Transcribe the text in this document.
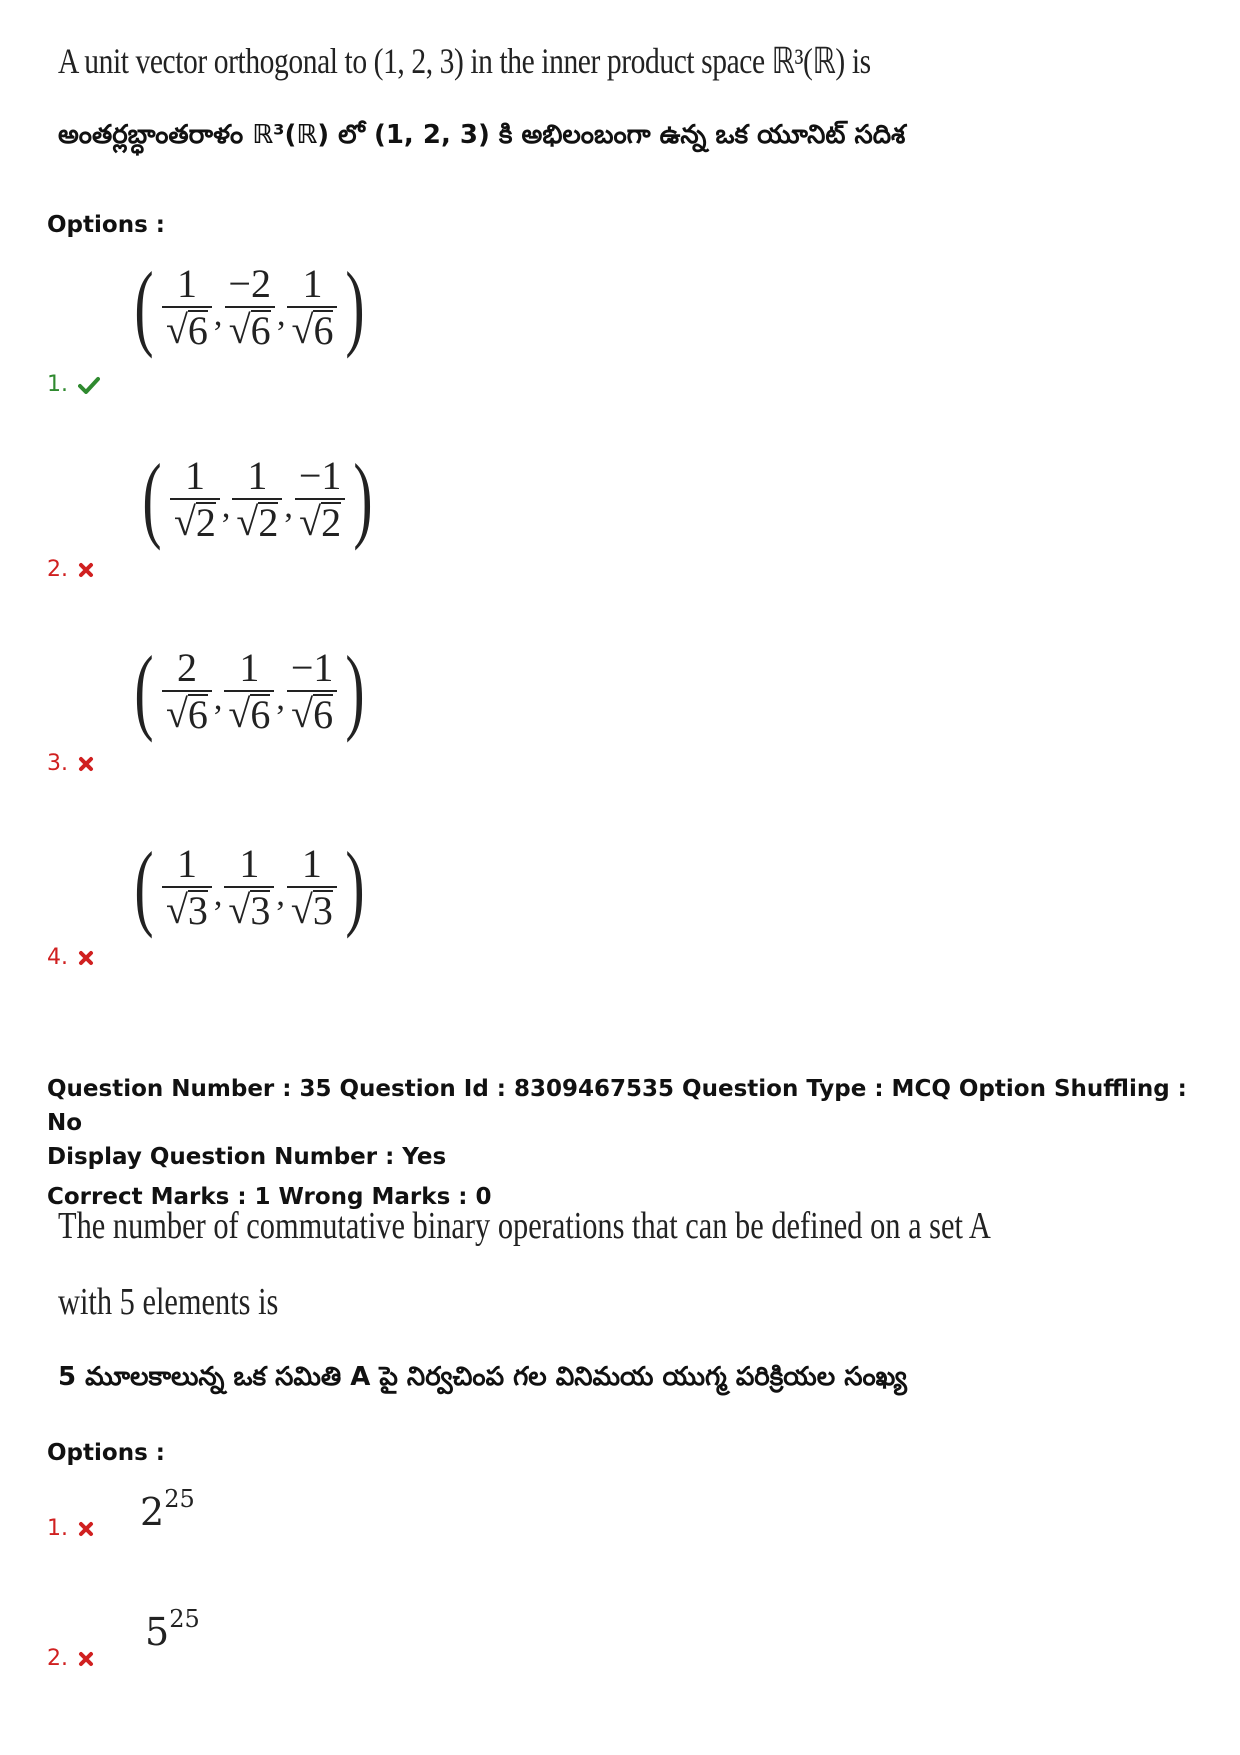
A unit vector orthogonal to (1, 2, 3) in the inner product space ℝ³(ℝ) is
అంతర్లబ్ధాంతరాళం ℝ³(ℝ) లో (1, 2, 3) కి అభిలంబంగా ఉన్న ఒక యూనిట్ సదిశ
Options :
( $\frac{1}{√ 6}$ , $\frac{-2}{√ 6}$ , $\frac{1}{√ 6}$ )
1.
( $\frac{1}{√ 2}$ , $\frac{1}{√ 2}$ , $\frac{-1}{√ 2}$ )
2.
( $\frac{2}{√ 6}$ , $\frac{1}{√ 6}$ , $\frac{-1}{√ 6}$ )
3.
( $\frac{1}{√ 3}$ , $\frac{1}{√ 3}$ , $\frac{1}{√ 3}$ )
4.
Question Number : 35 Question Id : 8309467535 Question Type : MCQ Option Shuffling : No
Display Question Number : Yes
Correct Marks : 1 Wrong Marks : 0
The number of commutative binary operations that can be defined on a set A
with 5 elements is
5 మూలకాలున్న ఒక సమితి A పై నిర్వచింప గల వినిమయ యుగ్మ పరిక్రియల సంఖ్య
Options :
$2^{25}$
1.
$5^{25}$
2.
